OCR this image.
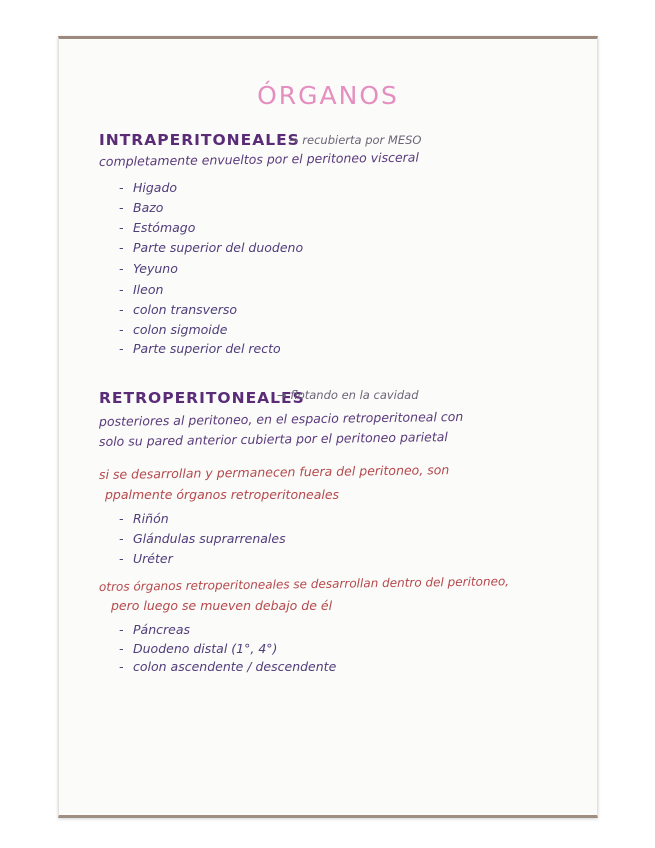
ÓRGANOS
INTRAPERITONEALES
→ recubierta por MESO
completamente envueltos por el peritoneo visceral
- Higado
- Bazo
- Estómago
- Parte superior del duodeno
- Yeyuno
- Ileon
- colon transverso
- colon sigmoide
- Parte superior del recto
RETROPERITONEALES
→ flotando en la cavidad
posteriores al peritoneo, en el espacio retroperitoneal con
solo su pared anterior cubierta por el peritoneo parietal
si se desarrollan y permanecen fuera del peritoneo, son
ppalmente órganos retroperitoneales
- Riñón
- Glándulas suprarrenales
- Uréter
otros órganos retroperitoneales se desarrollan dentro del peritoneo,
pero luego se mueven debajo de él
- Páncreas
- Duodeno distal (1°, 4°)
- colon ascendente / descendente
